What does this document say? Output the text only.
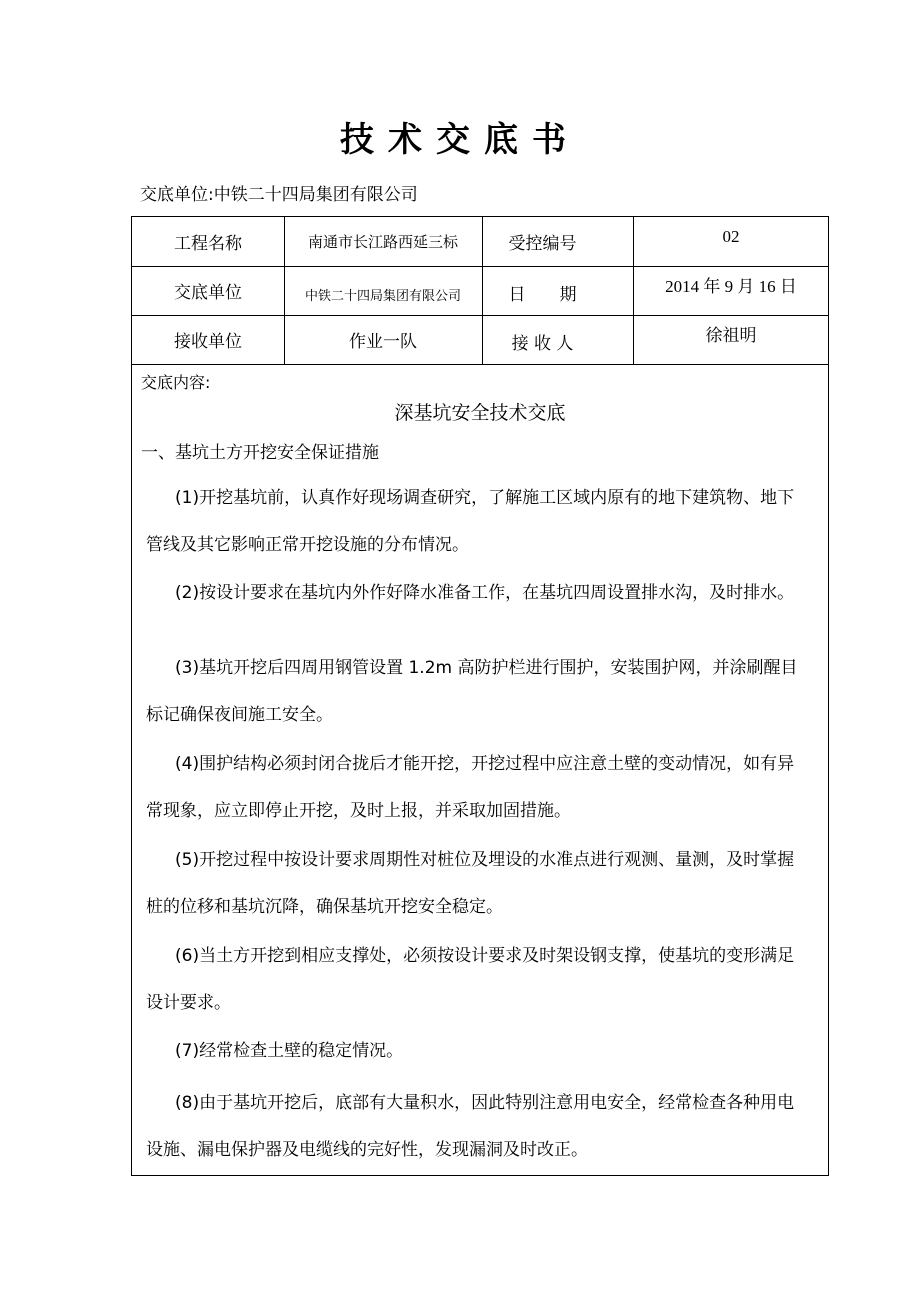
技术交底书
交底单位:中铁二十四局集团有限公司
工程名称	南通市长江路西延三标	受控编号	02
交底单位	中铁二十四局集团有限公司	日　　期	2014 年 9 月 16 日
接收单位	作业一队	接 收 人	徐祖明
交底内容:
深基坑安全技术交底
一、基坑土方开挖安全保证措施
(1)开挖基坑前，认真作好现场调查研究，了解施工区域内原有的地下建筑物、地下管线及其它影响正常开挖设施的分布情况。
(2)按设计要求在基坑内外作好降水准备工作，在基坑四周设置排水沟，及时排水。
(3)基坑开挖后四周用钢管设置 1.2m 高防护栏进行围护，安装围护网，并涂刷醒目标记确保夜间施工安全。
(4)围护结构必须封闭合拢后才能开挖，开挖过程中应注意土壁的变动情况，如有异常现象，应立即停止开挖，及时上报，并采取加固措施。
(5)开挖过程中按设计要求周期性对桩位及埋设的水准点进行观测、量测，及时掌握桩的位移和基坑沉降，确保基坑开挖安全稳定。
(6)当土方开挖到相应支撑处，必须按设计要求及时架设钢支撑，使基坑的变形满足设计要求。
(7)经常检查土壁的稳定情况。
(8)由于基坑开挖后，底部有大量积水，因此特别注意用电安全，经常检查各种用电设施、漏电保护器及电缆线的完好性，发现漏洞及时改正。
